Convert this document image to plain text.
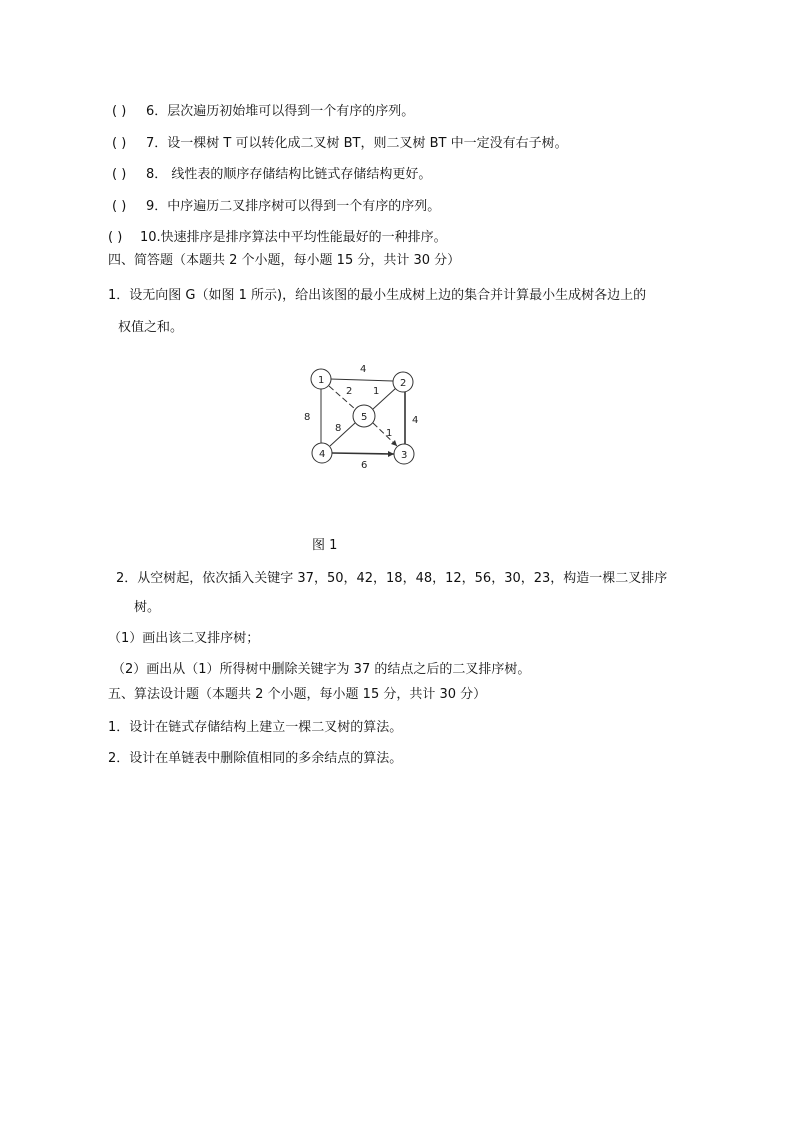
( ) 6．层次遍历初始堆可以得到一个有序的序列。
( ) 7．设一棵树 T 可以转化成二叉树 BT，则二叉树 BT 中一定没有右子树。
( ) 8． 线性表的顺序存储结构比链式存储结构更好。
( ) 9．中序遍历二叉排序树可以得到一个有序的序列。
( ) 10.快速排序是排序算法中平均性能最好的一种排序。
四、简答题（本题共 2 个小题，每小题 15 分，共计 30 分）
1．设无向图 G（如图 1 所示)，给出该图的最小生成树上边的集合并计算最小生成树各边上的
权值之和。
4
8
2 1
4
8	1
6
1	2
5
4	3
图 1
2．从空树起，依次插入关键字 37，50，42，18，48，12，56，30，23，构造一棵二叉排序
树。
（1）画出该二叉排序树；
（2）画出从（1）所得树中删除关键字为 37 的结点之后的二叉排序树。
五、算法设计题（本题共 2 个小题，每小题 15 分，共计 30 分）
1．设计在链式存储结构上建立一棵二叉树的算法。
2．设计在单链表中删除值相同的多余结点的算法。
